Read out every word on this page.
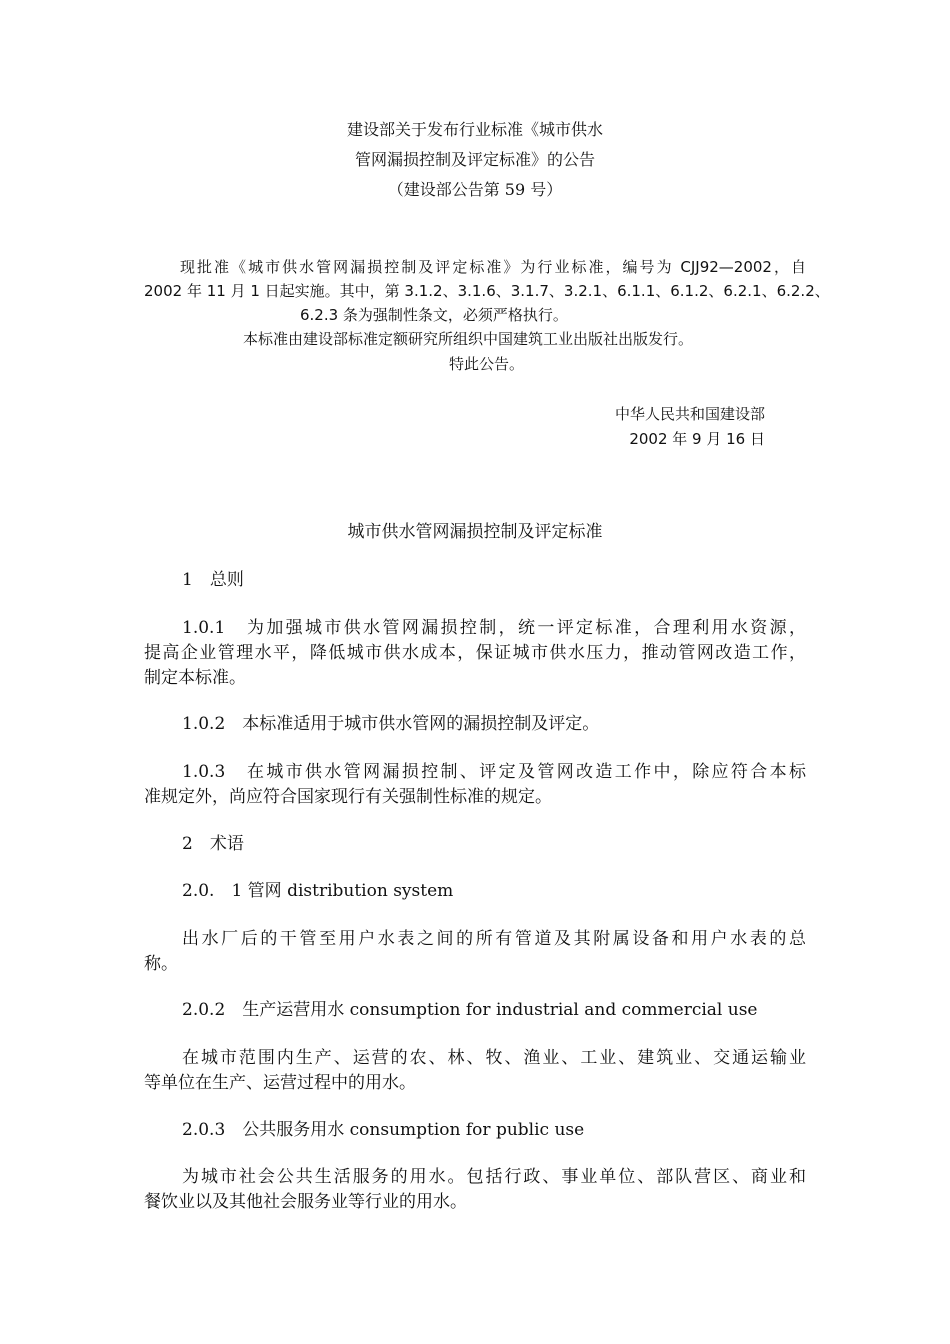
建设部关于发布行业标准《城市供水
管网漏损控制及评定标准》的公告
（建设部公告第 59 号）
现批准《城市供水管网漏损控制及评定标准》为行业标准，编号为 CJJ92—2002，自
2002 年 11 月 1 日起实施。其中，第 3.1.2、3.1.6、3.1.7、3.2.1、6.1.1、6.1.2、6.2.1、6.2.2、
6.2.3 条为强制性条文，必须严格执行。
本标准由建设部标准定额研究所组织中国建筑工业出版社出版发行。
特此公告。
中华人民共和国建设部
2002 年 9 月 16 日
城市供水管网漏损控制及评定标准
1　总则
1.0.1　为加强城市供水管网漏损控制，统一评定标准，合理利用水资源，
提高企业管理水平，降低城市供水成本，保证城市供水压力，推动管网改造工作，
制定本标准。
1.0.2　本标准适用于城市供水管网的漏损控制及评定。
1.0.3　在城市供水管网漏损控制、评定及管网改造工作中，除应符合本标
准规定外，尚应符合国家现行有关强制性标准的规定。
2　术语
2.0.　1 管网 distribution system
出水厂后的干管至用户水表之间的所有管道及其附属设备和用户水表的总
称。
2.0.2　生产运营用水 consumption for industrial and commercial use
在城市范围内生产、运营的农、林、牧、渔业、工业、建筑业、交通运输业
等单位在生产、运营过程中的用水。
2.0.3　公共服务用水 consumption for public use
为城市社会公共生活服务的用水。包括行政、事业单位、部队营区、商业和
餐饮业以及其他社会服务业等行业的用水。
